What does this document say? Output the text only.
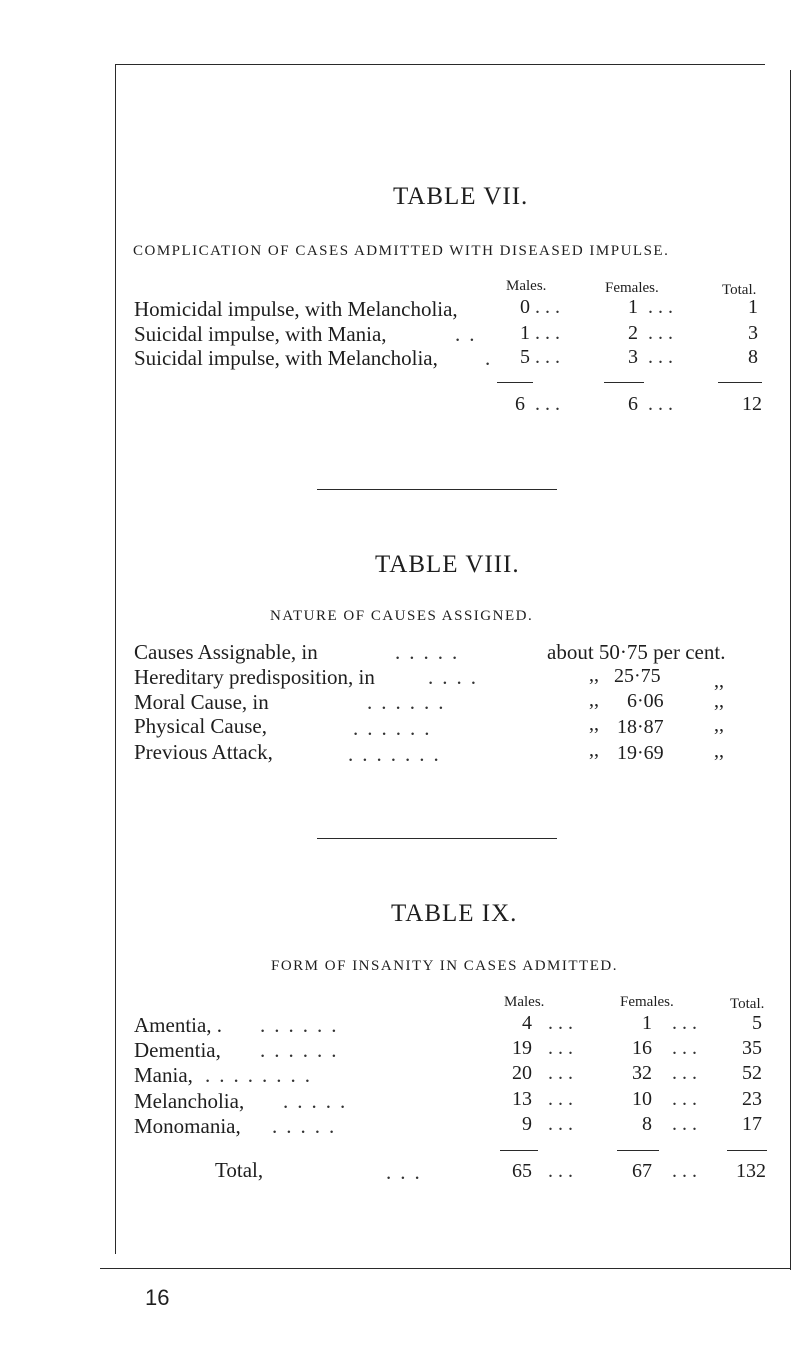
TABLE VII.
COMPLICATION OF CASES ADMITTED WITH DISEASED IMPULSE.
Males.	Females.	Total.
Homicidal impulse, with Melancholia,	0 ...	1 ...	1
Suicidal impulse, with Mania,	..	1 ...	2 ...	3
Suicidal impulse, with Melancholia, .	5 ...	3 ...	8
6 ...	6 ...	12
TABLE VIII.
NATURE OF CAUSES ASSIGNED.
Causes Assignable, in	.....	about 50·75 per cent.
Hereditary predisposition, in	....	,, 25·75	,,
Moral Cause, in	......	,, 6·06	,,
Physical Cause,	......	,, 18·87	,,
Previous Attack,	.......	,, 19·69	,,
TABLE IX.
FORM OF INSANITY IN CASES ADMITTED.
Males.	Females.	Total.
Amentia, . ......	4 ...	1 ...	5
Dementia, ......	19 ...	16 ...	35
Mania, ........	20 ...	32 ...	52
Melancholia, .....	13 ...	10 ...	23
Monomania, .....	9 ...	8 ...	17
Total,	...	65 ...	67 ...	132
16
